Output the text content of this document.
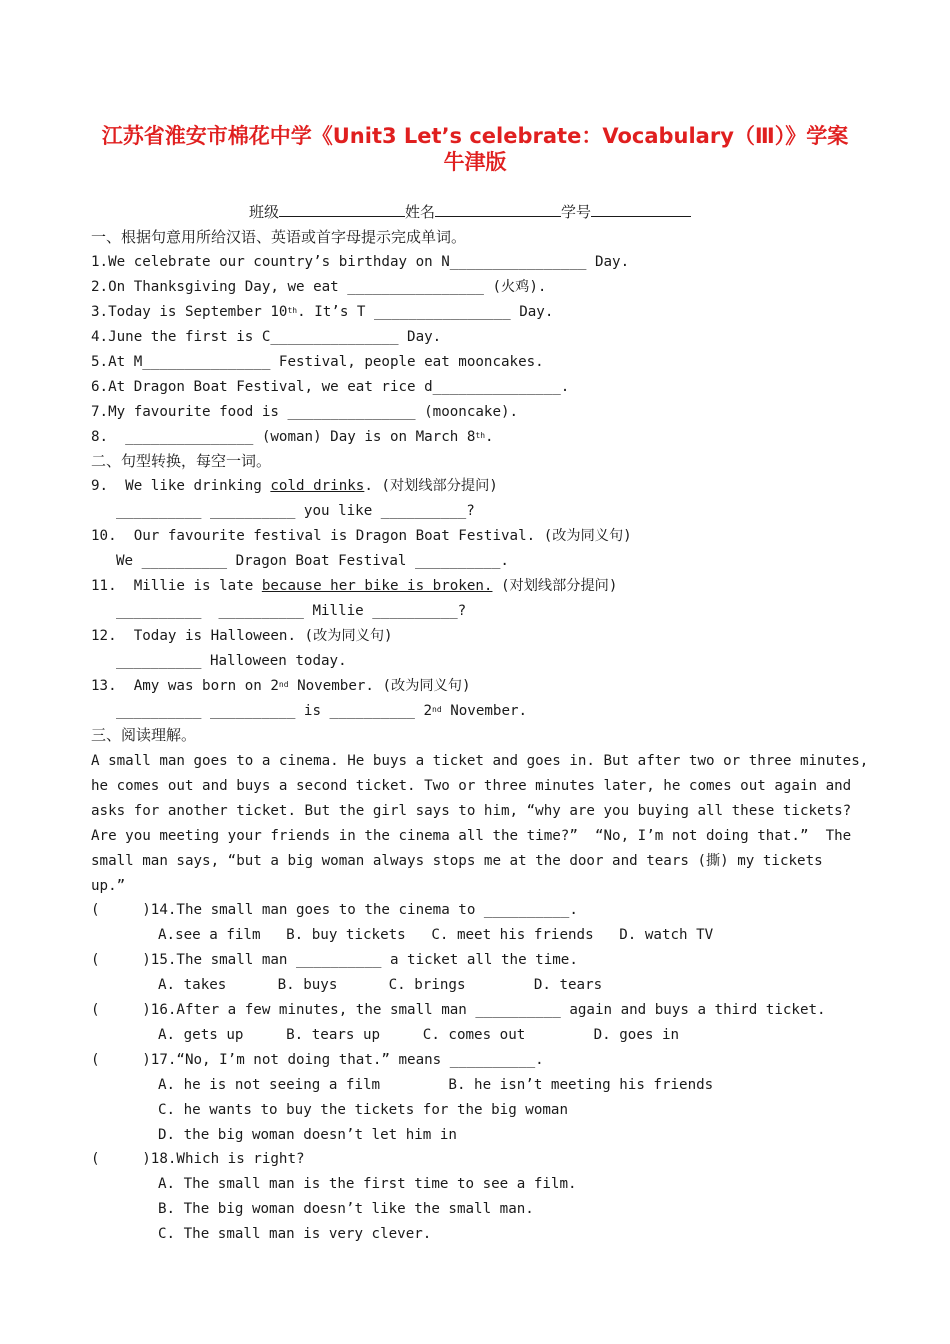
江苏省淮安市棉花中学《Unit3 Let’s celebrate：Vocabulary（Ⅲ）》学案
牛津版
班级	姓名	学号
一、根据句意用所给汉语、英语或首字母提示完成单词。
1.We celebrate our country’s birthday on N________________ Day.
2.On Thanksgiving Day, we eat ________________ (火鸡).
3.Today is September 10th. It’s T ________________ Day.
4.June the first is C_______________ Day.
5.At M_______________ Festival, people eat mooncakes.
6.At Dragon Boat Festival, we eat rice d_______________.
7.My favourite food is _______________ (mooncake).
8.  _______________ (woman) Day is on March 8th.
二、句型转换，每空一词。
9.  We like drinking cold drinks. (对划线部分提问)
__________ __________ you like __________?
10.  Our favourite festival is Dragon Boat Festival. (改为同义句)
We __________ Dragon Boat Festival __________.
11.  Millie is late because her bike is broken. (对划线部分提问)
__________  __________ Millie __________?
12.  Today is Halloween. (改为同义句)
__________ Halloween today.
13.  Amy was born on 2nd November. (改为同义句)
__________ __________ is __________ 2nd November.
三、阅读理解。
A small man goes to a cinema. He buys a ticket and goes in. But after two or three minutes,
he comes out and buys a second ticket. Two or three minutes later, he comes out again and
asks for another ticket. But the girl says to him, “why are you buying all these tickets?
Are you meeting your friends in the cinema all the time?”  “No, I’m not doing that.”  The
small man says, “but a big woman always stops me at the door and tears (撕) my tickets
up.”
(     )14.The small man goes to the cinema to __________.
A.see a film   B. buy tickets   C. meet his friends   D. watch TV
(     )15.The small man __________ a ticket all the time.
A. takes      B. buys      C. brings        D. tears
(     )16.After a few minutes, the small man __________ again and buys a third ticket.
A. gets up     B. tears up     C. comes out        D. goes in
(     )17.“No, I’m not doing that.” means __________.
A. he is not seeing a film        B. he isn’t meeting his friends
C. he wants to buy the tickets for the big woman
D. the big woman doesn’t let him in
(     )18.Which is right?
A. The small man is the first time to see a film.
B. The big woman doesn’t like the small man.
C. The small man is very clever.
